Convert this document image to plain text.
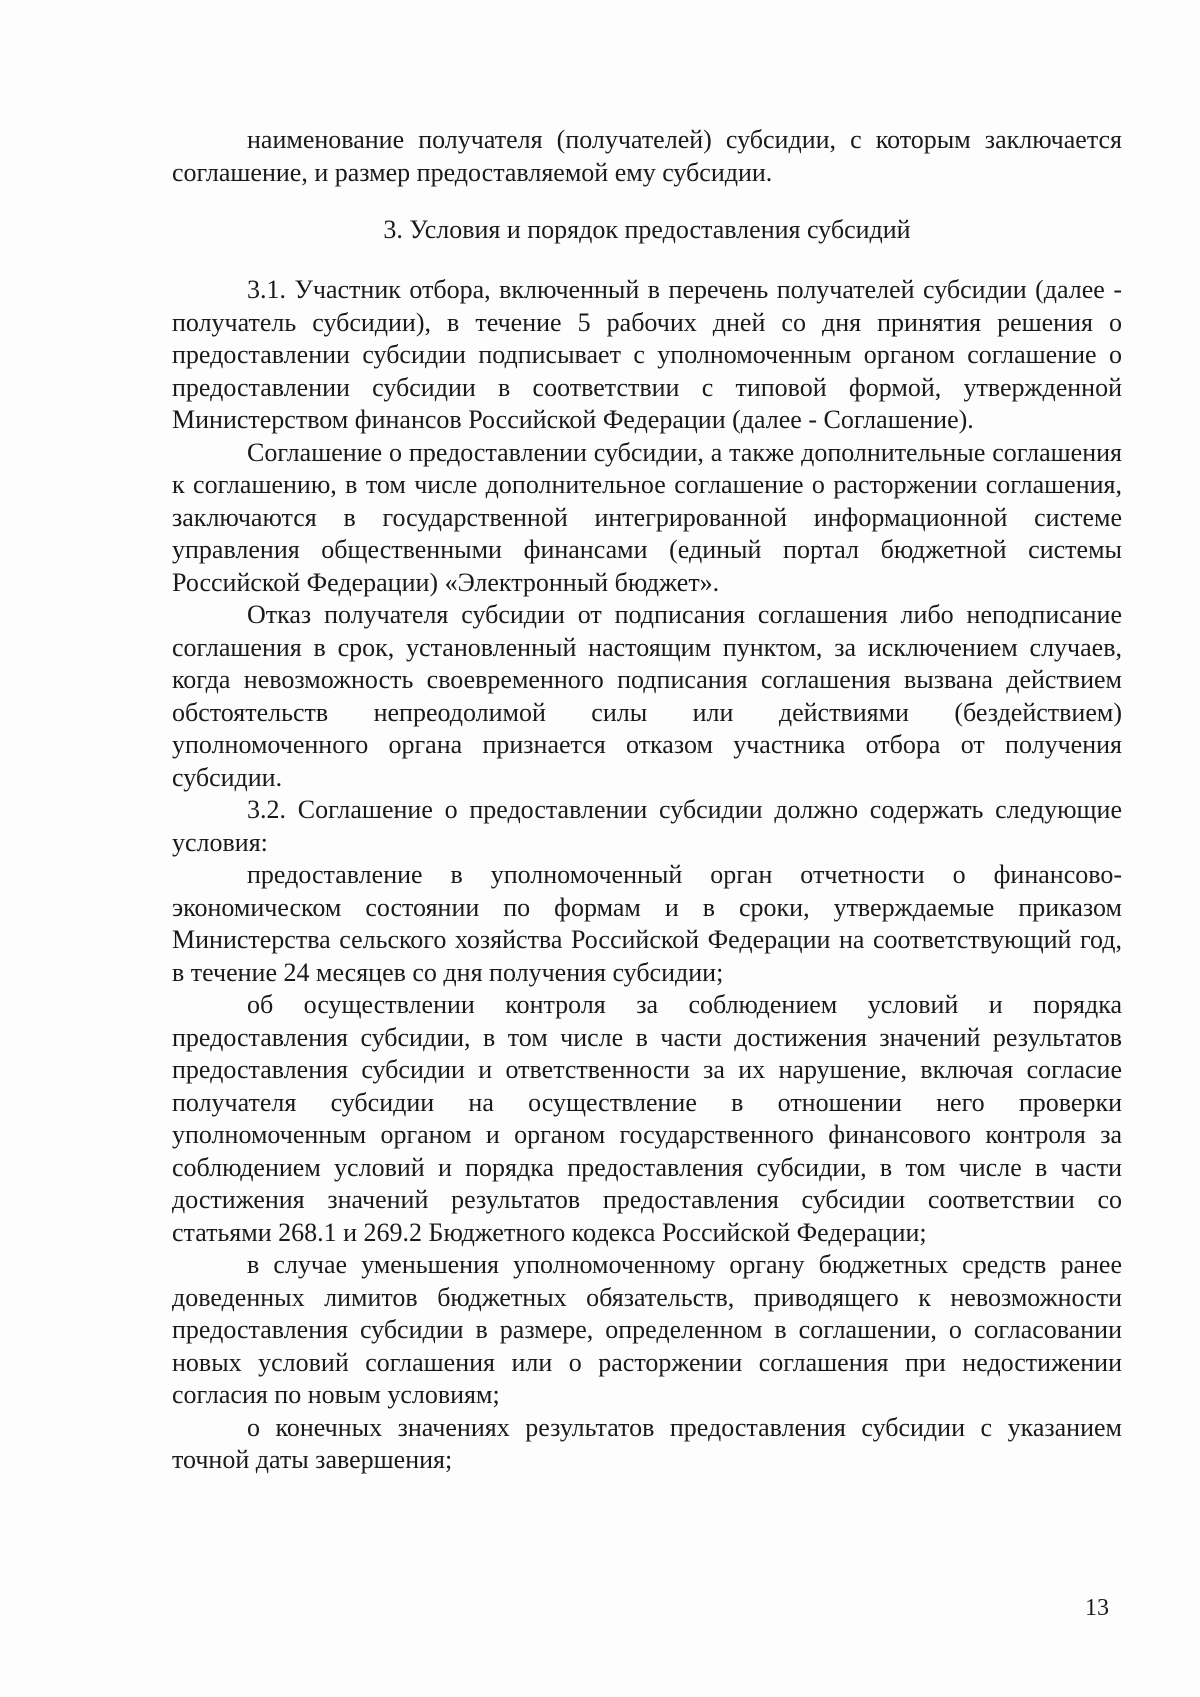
наименование получателя (получателей) субсидии, с которым заключается соглашение, и размер предоставляемой ему субсидии.

3. Условия и порядок предоставления субсидий

3.1. Участник отбора, включенный в перечень получателей субсидии (далее - получатель субсидии), в течение 5 рабочих дней со дня принятия решения о предоставлении субсидии подписывает с уполномоченным органом соглашение о предоставлении субсидии в соответствии с типовой формой, утвержденной Министерством финансов Российской Федерации (далее - Соглашение).

Соглашение о предоставлении субсидии, а также дополнительные соглашения к соглашению, в том числе дополнительное соглашение о расторжении соглашения, заключаются в государственной интегрированной информационной системе управления общественными финансами (единый портал бюджетной системы Российской Федерации) «Электронный бюджет».

Отказ получателя субсидии от подписания соглашения либо неподписание соглашения в срок, установленный настоящим пунктом, за исключением случаев, когда невозможность своевременного подписания соглашения вызвана действием обстоятельств непреодолимой силы или действиями (бездействием) уполномоченного органа признается отказом участника отбора от получения субсидии.

3.2. Соглашение о предоставлении субсидии должно содержать следующие условия:

предоставление в уполномоченный орган отчетности о финансово-экономическом состоянии по формам и в сроки, утверждаемые приказом Министерства сельского хозяйства Российской Федерации на соответствующий год, в течение 24 месяцев со дня получения субсидии;

об осуществлении контроля за соблюдением условий и порядка предоставления субсидии, в том числе в части достижения значений результатов предоставления субсидии и ответственности за их нарушение, включая согласие получателя субсидии на осуществление в отношении него проверки уполномоченным органом и органом государственного финансового контроля за соблюдением условий и порядка предоставления субсидии, в том числе в части достижения значений результатов предоставления субсидии соответствии со статьями 268.1 и 269.2 Бюджетного кодекса Российской Федерации;

в случае уменьшения уполномоченному органу бюджетных средств ранее доведенных лимитов бюджетных обязательств, приводящего к невозможности предоставления субсидии в размере, определенном в соглашении, о согласовании новых условий соглашения или о расторжении соглашения при недостижении согласия по новым условиям;

о конечных значениях результатов предоставления субсидии с указанием точной даты завершения;

13
